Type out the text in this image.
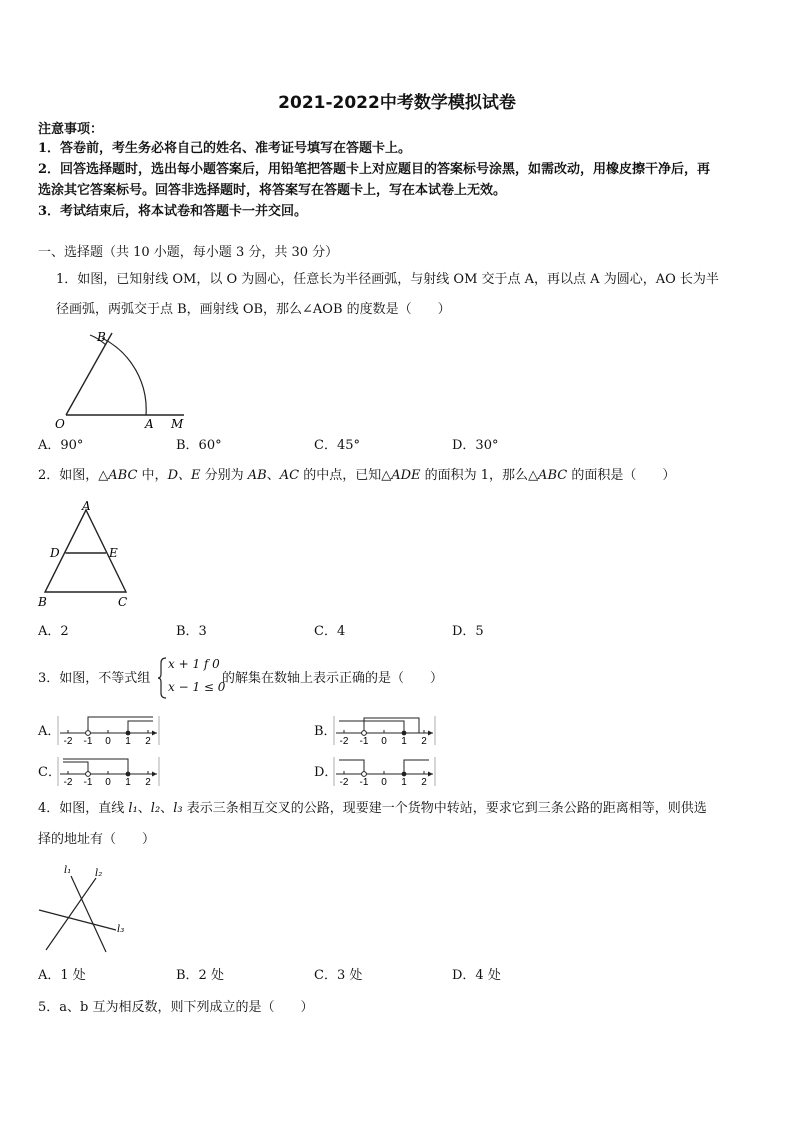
2021-2022中考数学模拟试卷
注意事项：
1．答卷前，考生务必将自己的姓名、准考证号填写在答题卡上。
2．回答选择题时，选出每小题答案后，用铅笔把答题卡上对应题目的答案标号涂黑，如需改动，用橡皮擦干净后，再
选涂其它答案标号。回答非选择题时，将答案写在答题卡上，写在本试卷上无效。
3．考试结束后，将本试卷和答题卡一并交回。
一、选择题（共 10 小题，每小题 3 分，共 30 分）
1．如图，已知射线 OM，以 O 为圆心，任意长为半径画弧，与射线 OM 交于点 A，再以点 A 为圆心，AO 长为半
径画弧，两弧交于点 B，画射线 OB，那么∠AOB 的度数是（　　）
B
O	A M
A．90°	B．60°	C．45°	D．30°
2．如图，△ABC 中，D、E 分别为 AB、AC 的中点，已知△ADE 的面积为 1，那么△ABC 的面积是（　　）
A
D	E
B	C
A．2	B．3	C．4	D．5
3．如图，不等式组
x + 1 f 0
x − 1 ≤ 0
的解集在数轴上表示正确的是（　　）
A．
-2 -1 0 1 2
B．
-2 -1 0 1 2
C．
-2 -1 0 1 2
D．
-2 -1 0 1 2
4．如图，直线 l₁、l₂、l₃ 表示三条相互交叉的公路，现要建一个货物中转站，要求它到三条公路的距离相等，则供选
择的地址有（　　）
l₁ l₂
l₃
A．1 处	B．2 处	C．3 处	D．4 处
5．a、b 互为相反数，则下列成立的是（　　）
